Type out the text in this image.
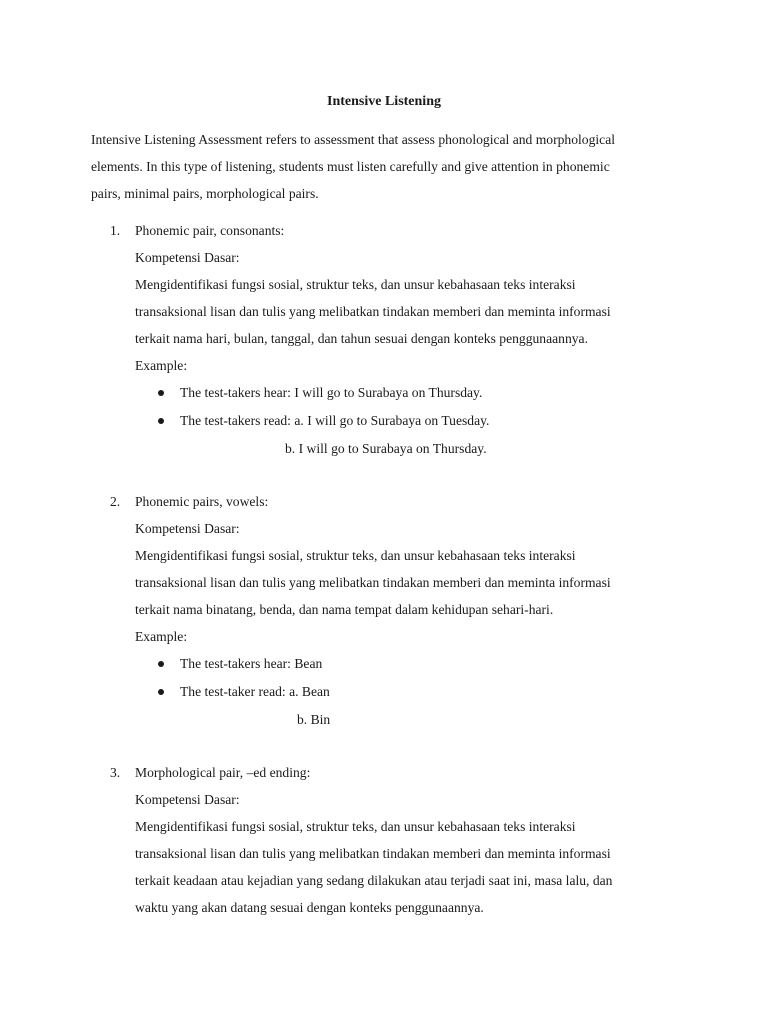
Intensive Listening
Intensive Listening Assessment refers to assessment that assess phonological and morphological
elements. In this type of listening, students must listen carefully and give attention in phonemic
pairs, minimal pairs, morphological pairs.
1. Phonemic pair, consonants:
Kompetensi Dasar:
Mengidentifikasi fungsi sosial, struktur teks, dan unsur kebahasaan teks interaksi
transaksional lisan dan tulis yang melibatkan tindakan memberi dan meminta informasi
terkait nama hari, bulan, tanggal, dan tahun sesuai dengan konteks penggunaannya.
Example:
The test-takers hear: I will go to Surabaya on Thursday.
The test-takers read: a. I will go to Surabaya on Tuesday.
b. I will go to Surabaya on Thursday.
2. Phonemic pairs, vowels:
Kompetensi Dasar:
Mengidentifikasi fungsi sosial, struktur teks, dan unsur kebahasaan teks interaksi
transaksional lisan dan tulis yang melibatkan tindakan memberi dan meminta informasi
terkait nama binatang, benda, dan nama tempat dalam kehidupan sehari-hari.
Example:
The test-takers hear: Bean
The test-taker read: a. Bean
b. Bin
3. Morphological pair, –ed ending:
Kompetensi Dasar:
Mengidentifikasi fungsi sosial, struktur teks, dan unsur kebahasaan teks interaksi
transaksional lisan dan tulis yang melibatkan tindakan memberi dan meminta informasi
terkait keadaan atau kejadian yang sedang dilakukan atau terjadi saat ini, masa lalu, dan
waktu yang akan datang sesuai dengan konteks penggunaannya.
